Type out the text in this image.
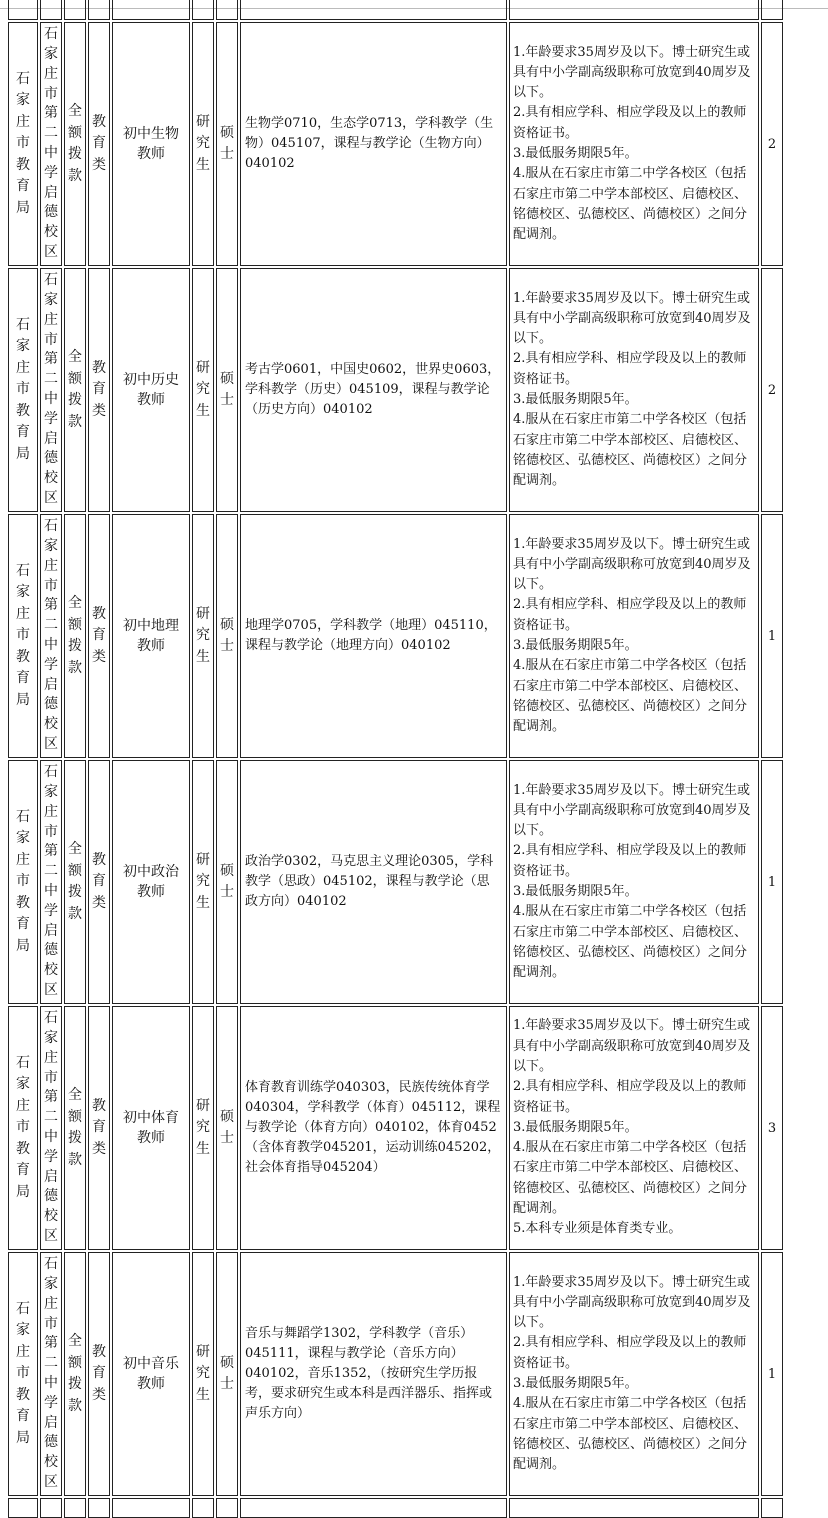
石家庄市教育局
石家庄市第二中学启德校区
全额拨款
教育类
初中生物教师
研究生
硕士
生物学0710，生态学0713，学科教学（生物）045107，课程与教学论（生物方向）040102
1.年龄要求35周岁及以下。博士研究生或具有中小学副高级职称可放宽到40周岁及以下。
2.具有相应学科、相应学段及以上的教师资格证书。
3.最低服务期限5年。
4.服从在石家庄市第二中学各校区（包括石家庄市第二中学本部校区、启德校区、铭德校区、弘德校区、尚德校区）之间分配调剂。
2
石家庄市教育局
石家庄市第二中学启德校区
全额拨款
教育类
初中历史教师
研究生
硕士
考古学0601，中国史0602，世界史0603，学科教学（历史）045109，课程与教学论（历史方向）040102
1.年龄要求35周岁及以下。博士研究生或具有中小学副高级职称可放宽到40周岁及以下。
2.具有相应学科、相应学段及以上的教师资格证书。
3.最低服务期限5年。
4.服从在石家庄市第二中学各校区（包括石家庄市第二中学本部校区、启德校区、铭德校区、弘德校区、尚德校区）之间分配调剂。
2
石家庄市教育局
石家庄市第二中学启德校区
全额拨款
教育类
初中地理教师
研究生
硕士
地理学0705，学科教学（地理）045110，课程与教学论（地理方向）040102
1.年龄要求35周岁及以下。博士研究生或具有中小学副高级职称可放宽到40周岁及以下。
2.具有相应学科、相应学段及以上的教师资格证书。
3.最低服务期限5年。
4.服从在石家庄市第二中学各校区（包括石家庄市第二中学本部校区、启德校区、铭德校区、弘德校区、尚德校区）之间分配调剂。
1
石家庄市教育局
石家庄市第二中学启德校区
全额拨款
教育类
初中政治教师
研究生
硕士
政治学0302，马克思主义理论0305，学科教学（思政）045102，课程与教学论（思政方向）040102
1.年龄要求35周岁及以下。博士研究生或具有中小学副高级职称可放宽到40周岁及以下。
2.具有相应学科、相应学段及以上的教师资格证书。
3.最低服务期限5年。
4.服从在石家庄市第二中学各校区（包括石家庄市第二中学本部校区、启德校区、铭德校区、弘德校区、尚德校区）之间分配调剂。
1
石家庄市教育局
石家庄市第二中学启德校区
全额拨款
教育类
初中体育教师
研究生
硕士
体育教育训练学040303，民族传统体育学040304，学科教学（体育）045112，课程与教学论（体育方向）040102，体育0452（含体育教学045201，运动训练045202，社会体育指导045204）
1.年龄要求35周岁及以下。博士研究生或具有中小学副高级职称可放宽到40周岁及以下。
2.具有相应学科、相应学段及以上的教师资格证书。
3.最低服务期限5年。
4.服从在石家庄市第二中学各校区（包括石家庄市第二中学本部校区、启德校区、铭德校区、弘德校区、尚德校区）之间分配调剂。
5.本科专业须是体育类专业。
3
石家庄市教育局
石家庄市第二中学启德校区
全额拨款
教育类
初中音乐教师
研究生
硕士
音乐与舞蹈学1302，学科教学（音乐）045111，课程与教学论（音乐方向）040102，音乐1352，（按研究生学历报考，要求研究生或本科是西洋器乐、指挥或声乐方向）
1.年龄要求35周岁及以下。博士研究生或具有中小学副高级职称可放宽到40周岁及以下。
2.具有相应学科、相应学段及以上的教师资格证书。
3.最低服务期限5年。
4.服从在石家庄市第二中学各校区（包括石家庄市第二中学本部校区、启德校区、铭德校区、弘德校区、尚德校区）之间分配调剂。
1
